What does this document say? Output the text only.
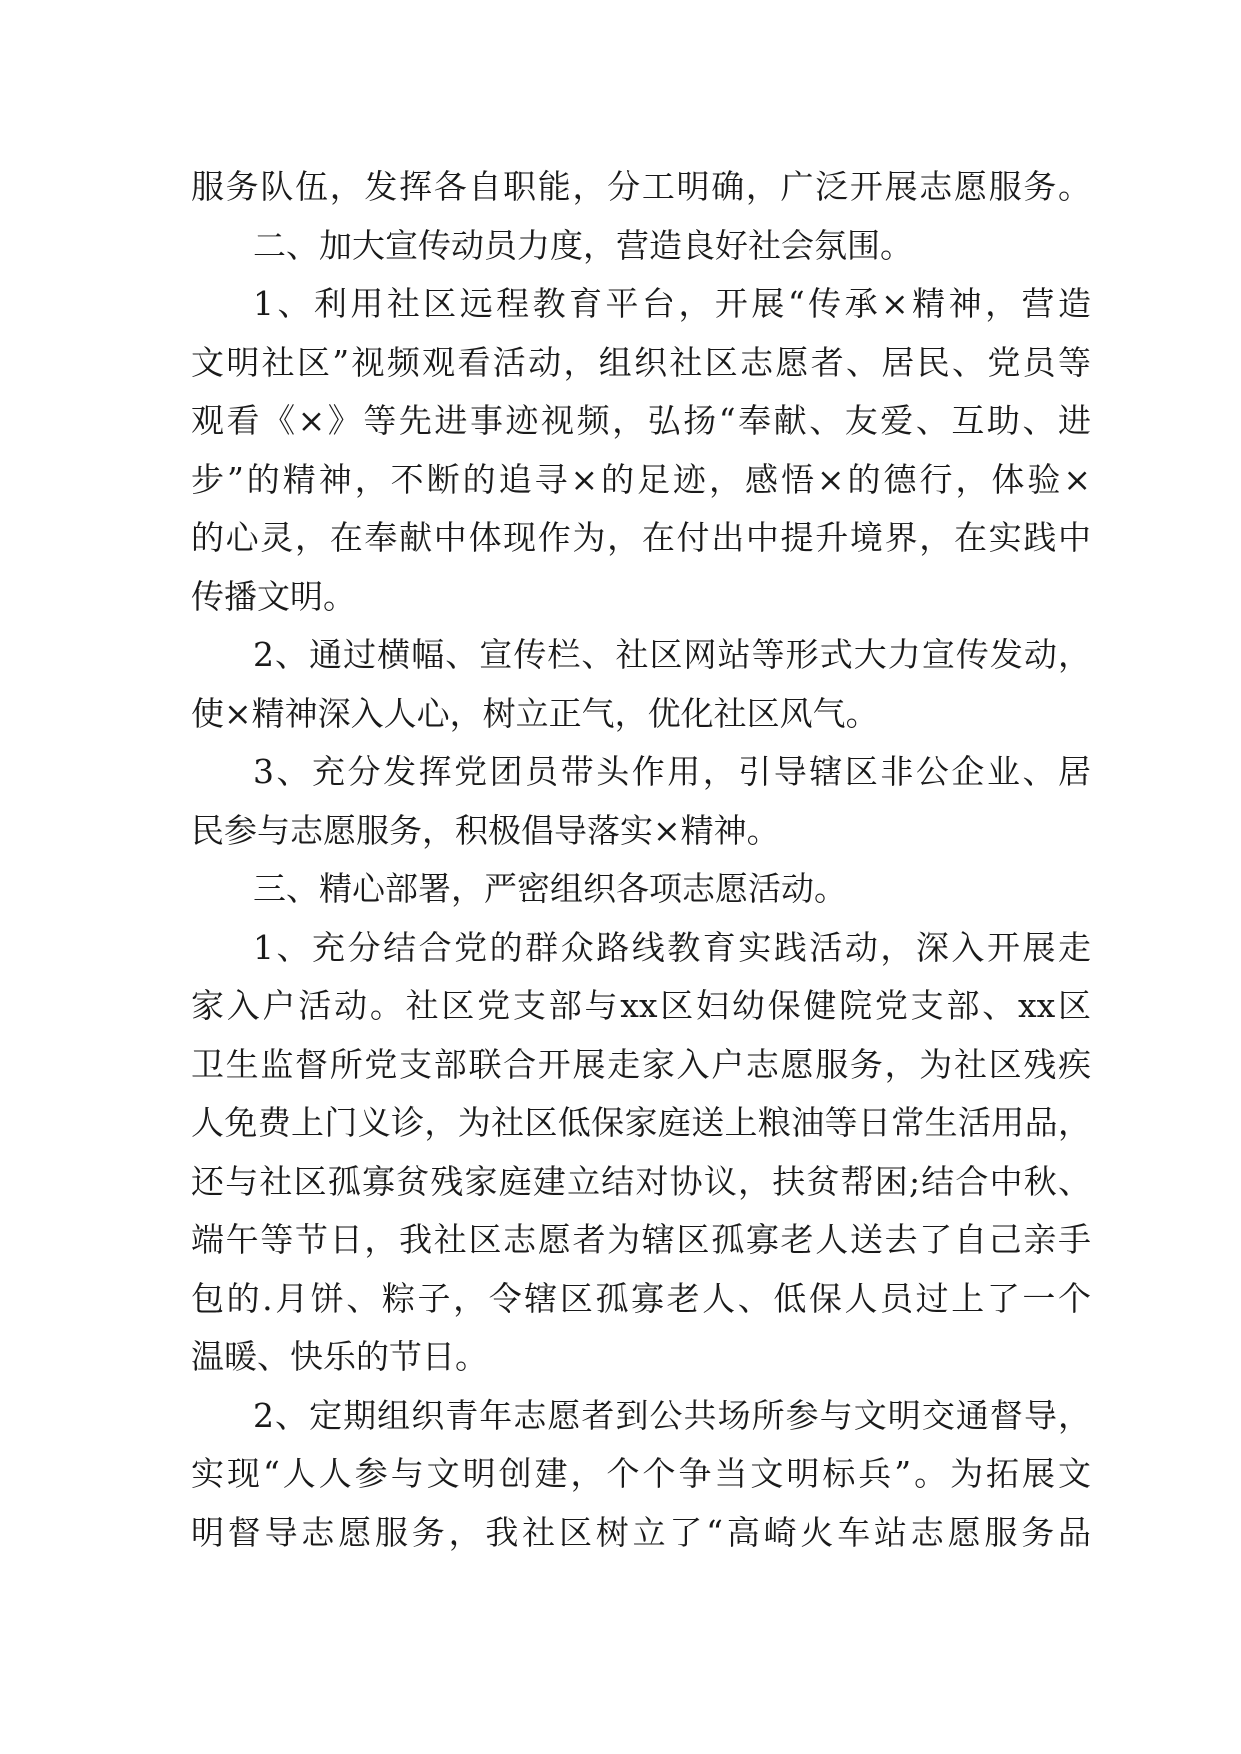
服务队伍，发挥各自职能，分工明确，广泛开展志愿服务。
二、加大宣传动员力度，营造良好社会氛围。
1、利用社区远程教育平台，开展“传承×精神，营造
文明社区”视频观看活动，组织社区志愿者、居民、党员等
观看《×》等先进事迹视频，弘扬“奉献、友爱、互助、进
步”的精神，不断的追寻×的足迹，感悟×的德行，体验×
的心灵，在奉献中体现作为，在付出中提升境界，在实践中
传播文明。
2、通过横幅、宣传栏、社区网站等形式大力宣传发动，
使×精神深入人心，树立正气，优化社区风气。
3、充分发挥党团员带头作用，引导辖区非公企业、居
民参与志愿服务，积极倡导落实×精神。
三、精心部署，严密组织各项志愿活动。
1、充分结合党的群众路线教育实践活动，深入开展走
家入户活动。社区党支部与xx区妇幼保健院党支部、xx区
卫生监督所党支部联合开展走家入户志愿服务，为社区残疾
人免费上门义诊，为社区低保家庭送上粮油等日常生活用品，
还与社区孤寡贫残家庭建立结对协议，扶贫帮困;结合中秋、
端午等节日，我社区志愿者为辖区孤寡老人送去了自己亲手
包的.月饼、粽子，令辖区孤寡老人、低保人员过上了一个
温暖、快乐的节日。
2、定期组织青年志愿者到公共场所参与文明交通督导，
实现“人人参与文明创建，个个争当文明标兵”。为拓展文
明督导志愿服务，我社区树立了“高崎火车站志愿服务品
